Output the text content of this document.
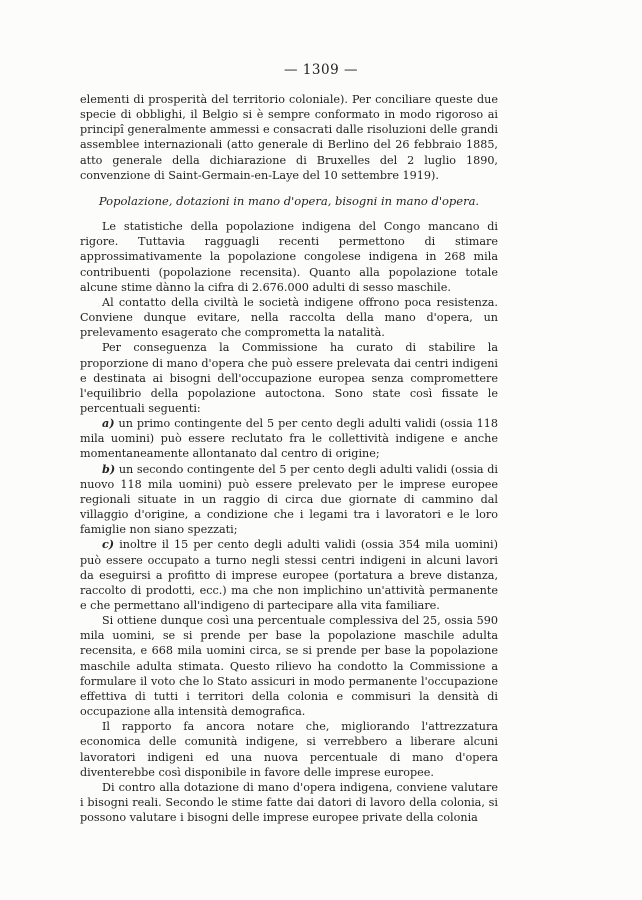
— 1309 —

elementi di prosperità del territorio coloniale). Per conciliare queste due specie di obblighi, il Belgio si è sempre conformato in modo rigoroso ai principî generalmente ammessi e consacrati dalle risoluzioni delle grandi assemblee internazionali (atto generale di Berlino del 26 febbraio 1885, atto generale della dichiarazione di Bruxelles del 2 luglio 1890, convenzione di Saint-Germain-en-Laye del 10 settembre 1919).

Popolazione, dotazioni in mano d'opera, bisogni in mano d'opera.

Le statistiche della popolazione indigena del Congo mancano di rigore. Tuttavia ragguagli recenti permettono di stimare approssimativamente la popolazione congolese indigena in 268 mila contribuenti (popolazione recensita). Quanto alla popolazione totale alcune stime dànno la cifra di 2.676.000 adulti di sesso maschile.

Al contatto della civiltà le società indigene offrono poca resistenza. Conviene dunque evitare, nella raccolta della mano d'opera, un prelevamento esagerato che comprometta la natalità.

Per conseguenza la Commissione ha curato di stabilire la proporzione di mano d'opera che può essere prelevata dai centri indigeni e destinata ai bisogni dell'occupazione europea senza compromettere l'equilibrio della popolazione autoctona. Sono state così fissate le percentuali seguenti:

a) un primo contingente del 5 per cento degli adulti validi (ossia 118 mila uomini) può essere reclutato fra le collettività indigene e anche momentaneamente allontanato dal centro di origine;

b) un secondo contingente del 5 per cento degli adulti validi (ossia di nuovo 118 mila uomini) può essere prelevato per le imprese europee regionali situate in un raggio di circa due giornate di cammino dal villaggio d'origine, a condizione che i legami tra i lavoratori e le loro famiglie non siano spezzati;

c) inoltre il 15 per cento degli adulti validi (ossia 354 mila uomini) può essere occupato a turno negli stessi centri indigeni in alcuni lavori da eseguirsi a profitto di imprese europee (portatura a breve distanza, raccolto di prodotti, ecc.) ma che non implichino un'attività permanente e che permettano all'indigeno di partecipare alla vita familiare.

Si ottiene dunque così una percentuale complessiva del 25, ossia 590 mila uomini, se si prende per base la popolazione maschile adulta recensita, e 668 mila uomini circa, se si prende per base la popolazione maschile adulta stimata. Questo rilievo ha condotto la Commissione a formulare il voto che lo Stato assicuri in modo permanente l'occupazione effettiva di tutti i territori della colonia e commisuri la densità di occupazione alla intensità demografica.

Il rapporto fa ancora notare che, migliorando l'attrezzatura economica delle comunità indigene, si verrebbero a liberare alcuni lavoratori indigeni ed una nuova percentuale di mano d'opera diventerebbe così disponibile in favore delle imprese europee.

Di contro alla dotazione di mano d'opera indigena, conviene valutare i bisogni reali. Secondo le stime fatte dai datori di lavoro della colonia, si possono valutare i bisogni delle imprese europee private della colonia
